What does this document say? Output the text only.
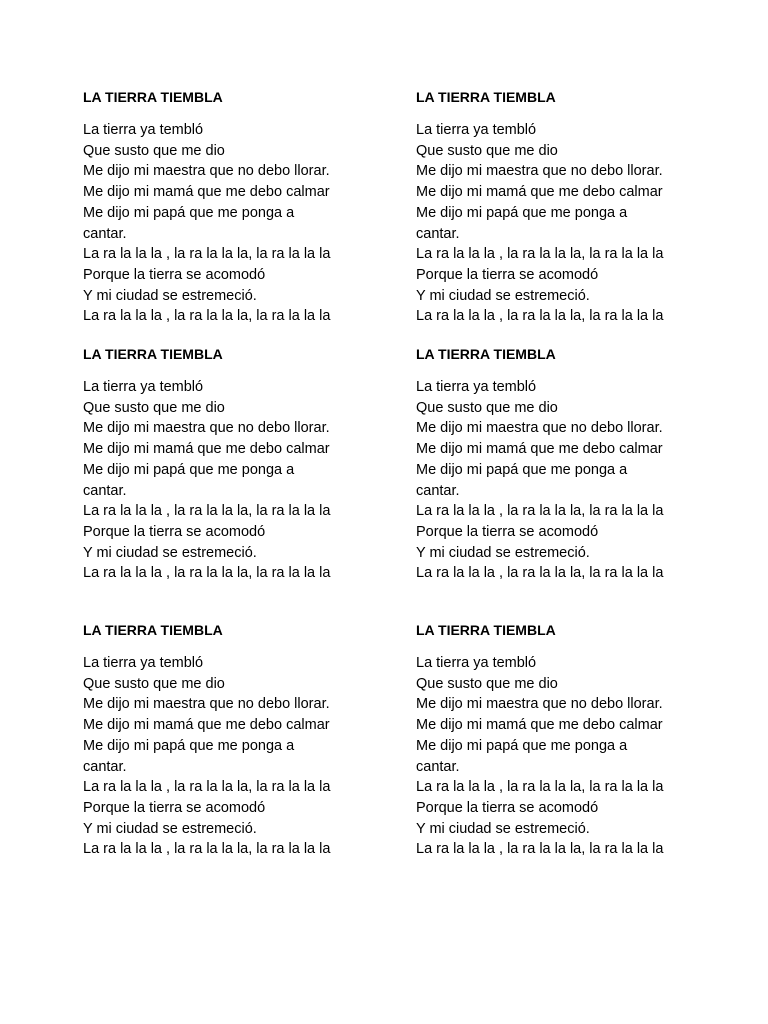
LA TIERRA TIEMBLA
La tierra ya tembló
Que susto que me dio
Me dijo mi maestra que no debo llorar.
Me dijo mi mamá que me debo calmar
Me dijo mi papá que me ponga a cantar.
La ra la la la , la ra la la la, la ra la la la
Porque la tierra se acomodó
Y mi ciudad se estremeció.
La ra la la la , la ra la la la, la ra la la la
LA TIERRA TIEMBLA
La tierra ya tembló
Que susto que me dio
Me dijo mi maestra que no debo llorar.
Me dijo mi mamá que me debo calmar
Me dijo mi papá que me ponga a cantar.
La ra la la la , la ra la la la, la ra la la la
Porque la tierra se acomodó
Y mi ciudad se estremeció.
La ra la la la , la ra la la la, la ra la la la
LA TIERRA TIEMBLA
La tierra ya tembló
Que susto que me dio
Me dijo mi maestra que no debo llorar.
Me dijo mi mamá que me debo calmar
Me dijo mi papá que me ponga a cantar.
La ra la la la , la ra la la la, la ra la la la
Porque la tierra se acomodó
Y mi ciudad se estremeció.
La ra la la la , la ra la la la, la ra la la la
LA TIERRA TIEMBLA
La tierra ya tembló
Que susto que me dio
Me dijo mi maestra que no debo llorar.
Me dijo mi mamá que me debo calmar
Me dijo mi papá que me ponga a cantar.
La ra la la la , la ra la la la, la ra la la la
Porque la tierra se acomodó
Y mi ciudad se estremeció.
La ra la la la , la ra la la la, la ra la la la
LA TIERRA TIEMBLA
La tierra ya tembló
Que susto que me dio
Me dijo mi maestra que no debo llorar.
Me dijo mi mamá que me debo calmar
Me dijo mi papá que me ponga a cantar.
La ra la la la , la ra la la la, la ra la la la
Porque la tierra se acomodó
Y mi ciudad se estremeció.
La ra la la la , la ra la la la, la ra la la la
LA TIERRA TIEMBLA
La tierra ya tembló
Que susto que me dio
Me dijo mi maestra que no debo llorar.
Me dijo mi mamá que me debo calmar
Me dijo mi papá que me ponga a cantar.
La ra la la la , la ra la la la, la ra la la la
Porque la tierra se acomodó
Y mi ciudad se estremeció.
La ra la la la , la ra la la la, la ra la la la
